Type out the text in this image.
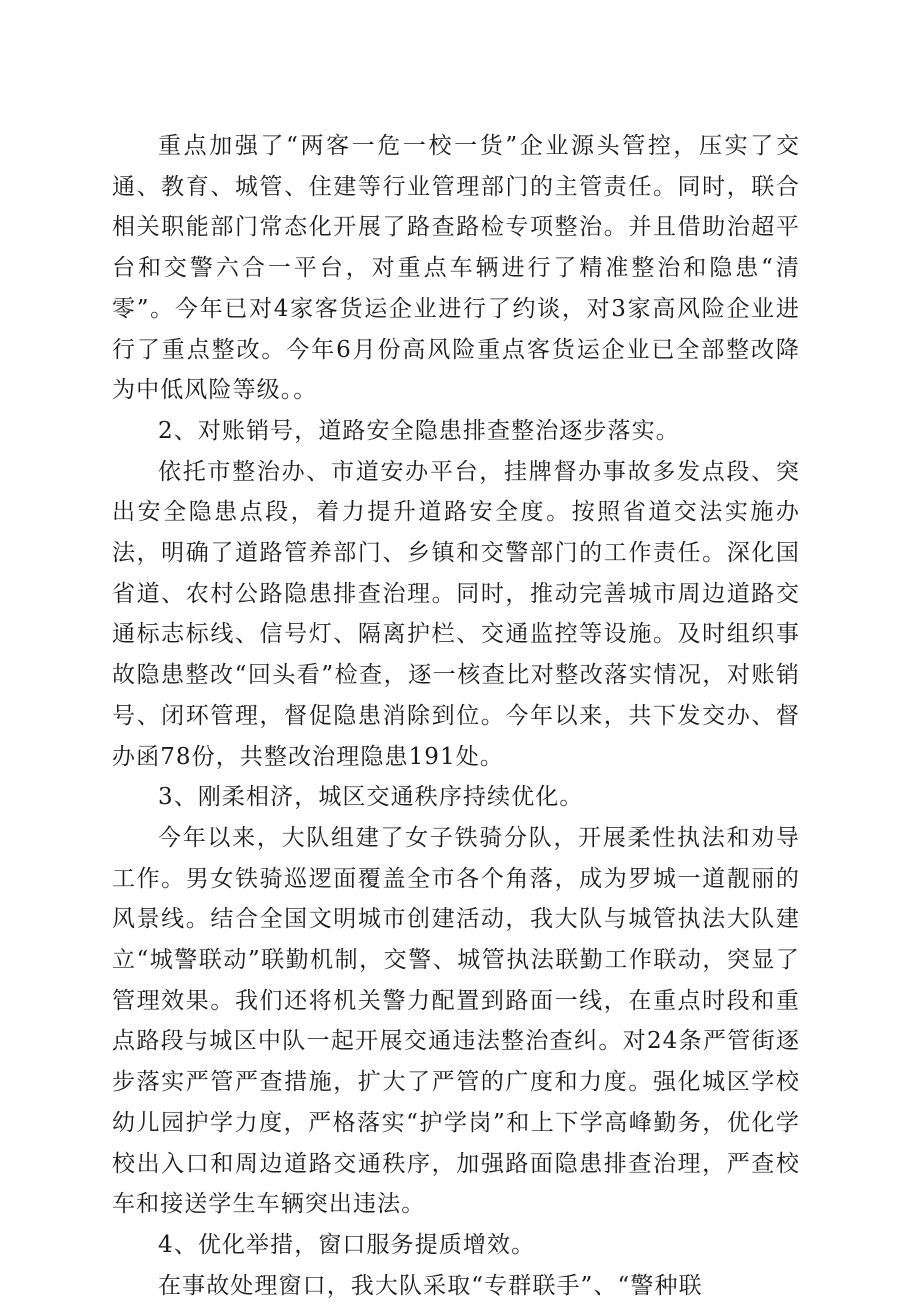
重点加强了“两客一危一校一货”企业源头管控，压实了交通、教育、城管、住建等行业管理部门的主管责任。同时，联合相关职能部门常态化开展了路查路检专项整治。并且借助治超平台和交警六合一平台，对重点车辆进行了精准整治和隐患“清零”。今年已对4家客货运企业进行了约谈，对3家高风险企业进行了重点整改。今年6月份高风险重点客货运企业已全部整改降为中低风险等级。。

2、对账销号，道路安全隐患排查整治逐步落实。

依托市整治办、市道安办平台，挂牌督办事故多发点段、突出安全隐患点段，着力提升道路安全度。按照省道交法实施办法，明确了道路管养部门、乡镇和交警部门的工作责任。深化国省道、农村公路隐患排查治理。同时，推动完善城市周边道路交通标志标线、信号灯、隔离护栏、交通监控等设施。及时组织事故隐患整改“回头看”检查，逐一核查比对整改落实情况，对账销号、闭环管理，督促隐患消除到位。今年以来，共下发交办、督办函78份，共整改治理隐患191处。

3、刚柔相济，城区交通秩序持续优化。

今年以来，大队组建了女子铁骑分队，开展柔性执法和劝导工作。男女铁骑巡逻面覆盖全市各个角落，成为罗城一道靓丽的风景线。结合全国文明城市创建活动，我大队与城管执法大队建立“城警联动”联勤机制，交警、城管执法联勤工作联动，突显了管理效果。我们还将机关警力配置到路面一线，在重点时段和重点路段与城区中队一起开展交通违法整治查纠。对24条严管街逐步落实严管严查措施，扩大了严管的广度和力度。强化城区学校幼儿园护学力度，严格落实“护学岗”和上下学高峰勤务，优化学校出入口和周边道路交通秩序，加强路面隐患排查治理，严查校车和接送学生车辆突出违法。

4、优化举措，窗口服务提质增效。

在事故处理窗口，我大队采取“专群联手”、“警种联
